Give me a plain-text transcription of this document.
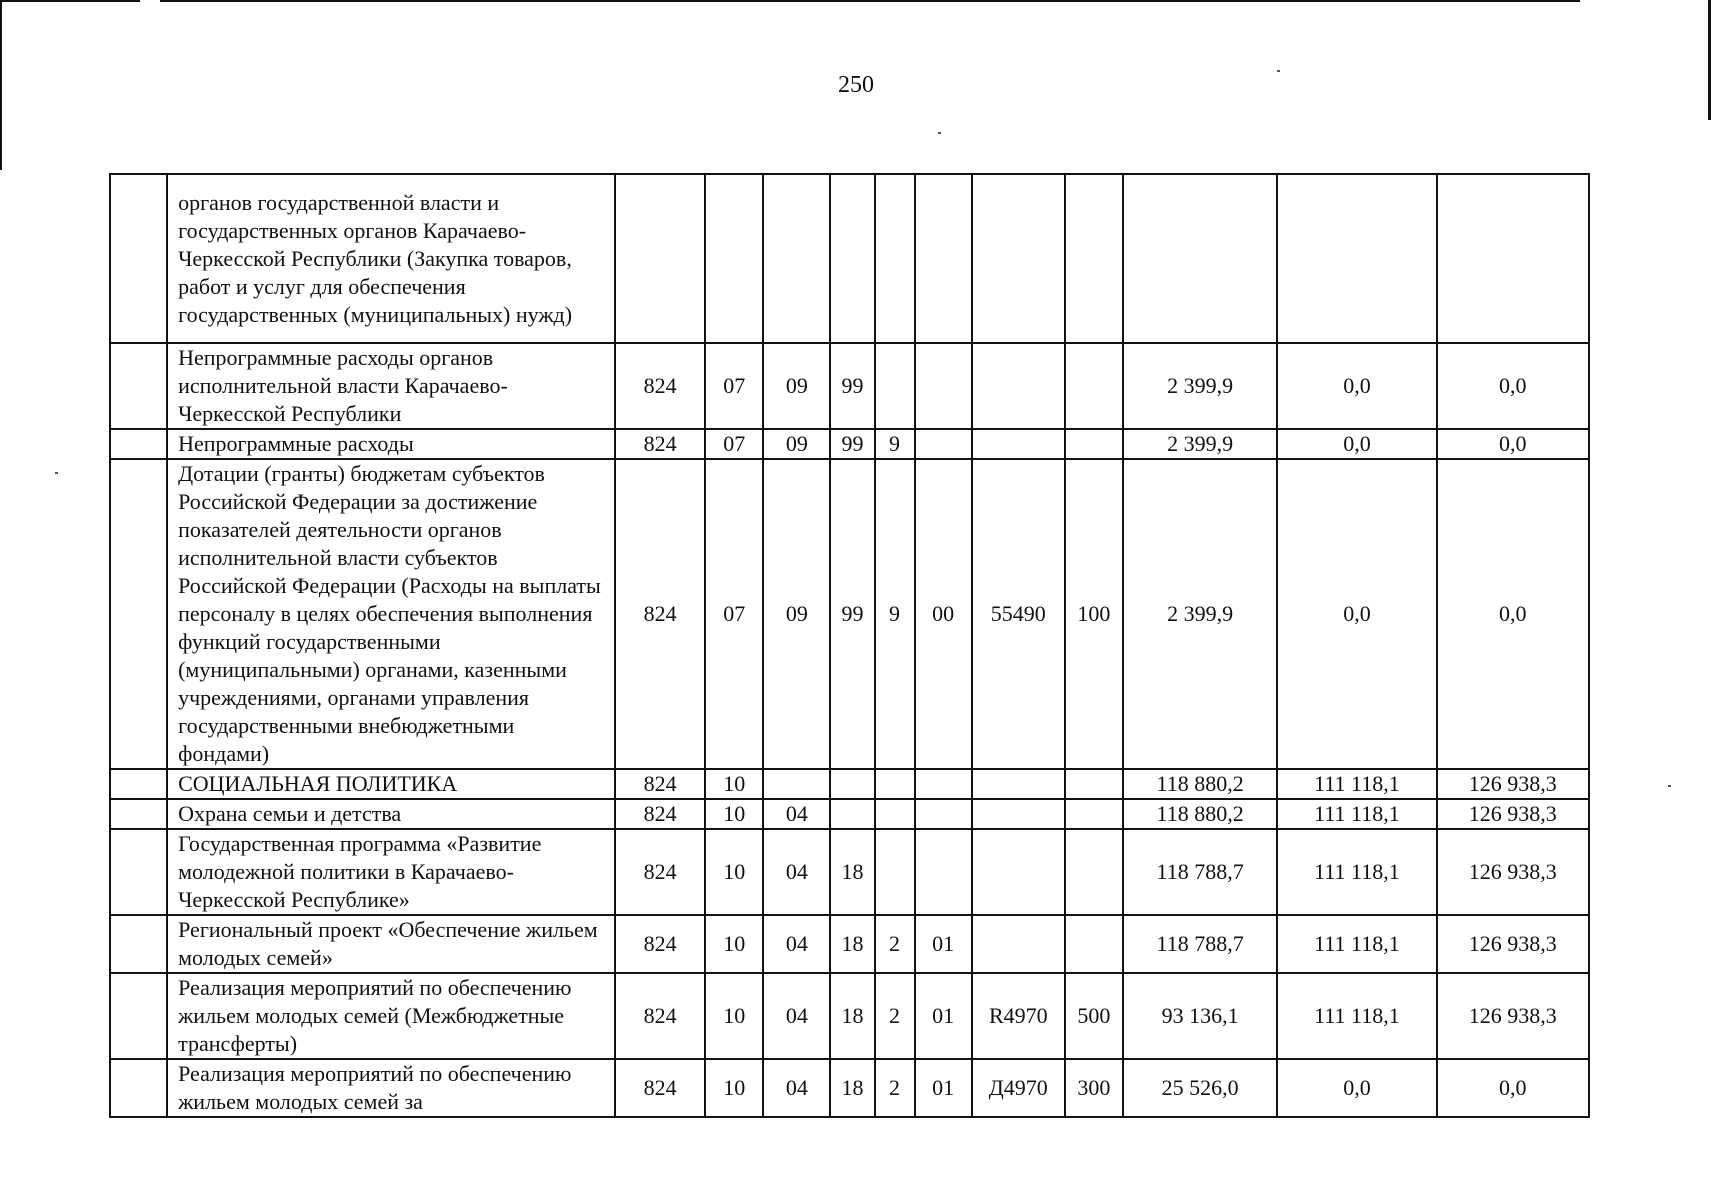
250
	органов государственной власти и государственных органов Карачаево-Черкесской Республики (Закупка товаров, работ и услуг для обеспечения государственных (муниципальных) нужд)											
	Непрограммные расходы органов исполнительной власти Карачаево-Черкесской Республики	824	07	09	99					2 399,9	0,0	0,0
	Непрограммные расходы	824	07	09	99	9				2 399,9	0,0	0,0
	Дотации (гранты) бюджетам субъектов Российской Федерации за достижение показателей деятельности органов исполнительной власти субъектов Российской Федерации (Расходы на выплаты персоналу в целях обеспечения выполнения функций государственными (муниципальными) органами, казенными учреждениями, органами управления государственными внебюджетными фондами)	824	07	09	99	9	00	55490	100	2 399,9	0,0	0,0
	СОЦИАЛЬНАЯ ПОЛИТИКА	824	10							118 880,2	111 118,1	126 938,3
	Охрана семьи и детства	824	10	04						118 880,2	111 118,1	126 938,3
	Государственная программа «Развитие молодежной политики в Карачаево-Черкесской Республике»	824	10	04	18					118 788,7	111 118,1	126 938,3
	Региональный проект «Обеспечение жильем молодых семей»	824	10	04	18	2	01			118 788,7	111 118,1	126 938,3
	Реализация мероприятий по обеспечению жильем молодых семей (Межбюджетные трансферты)	824	10	04	18	2	01	R4970	500	93 136,1	111 118,1	126 938,3
	Реализация мероприятий по обеспечению жильем молодых семей за	824	10	04	18	2	01	Д4970	300	25 526,0	0,0	0,0
